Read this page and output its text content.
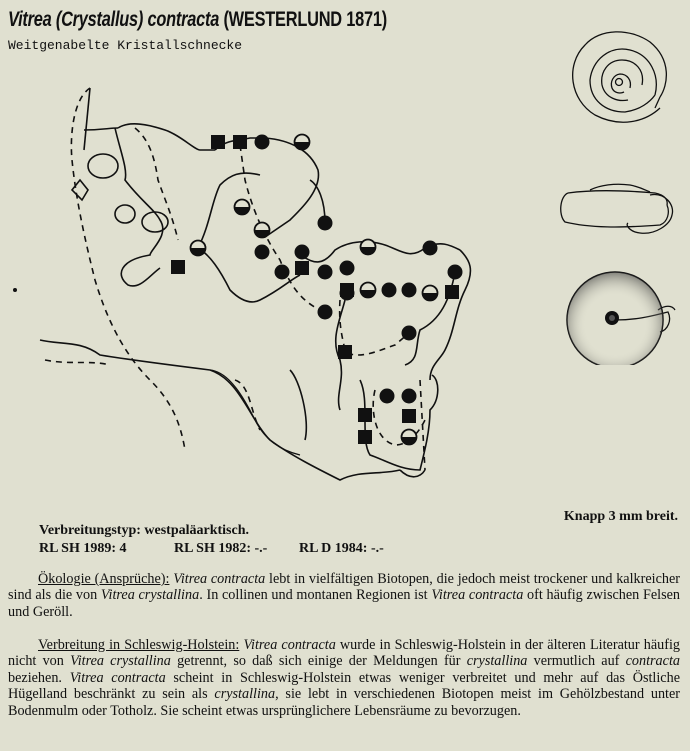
Vitrea (Crystallus) contracta (WESTERLUND 1871)
Weitgenabelte Kristallschnecke
Knapp 3 mm breit.
Verbreitungstyp: westpaläarktisch.
RL SH 1989: 4	RL SH 1982: -.- RL D 1984: -.-
Ökologie (Ansprüche): Vitrea contracta lebt in vielfältigen Biotopen, die jedoch meist trockener und kalkreicher sind als die von Vitrea crystallina. In collinen und montanen Regionen ist Vitrea contracta oft häufig zwischen Felsen und Geröll.
Verbreitung in Schleswig-Holstein: Vitrea contracta wurde in Schleswig-Holstein in der älteren Literatur häufig nicht von Vitrea crystallina getrennt, so daß sich einige der Meldungen für crystallina vermutlich auf contracta beziehen. Vitrea contracta scheint in Schleswig-Holstein etwas weniger verbreitet und mehr auf das Östliche Hügelland beschränkt zu sein als crystallina, sie lebt in verschiedenen Biotopen meist im Gehölzbestand unter Bodenmulm oder Totholz. Sie scheint etwas ursprünglichere Lebensräume zu bevorzugen.
